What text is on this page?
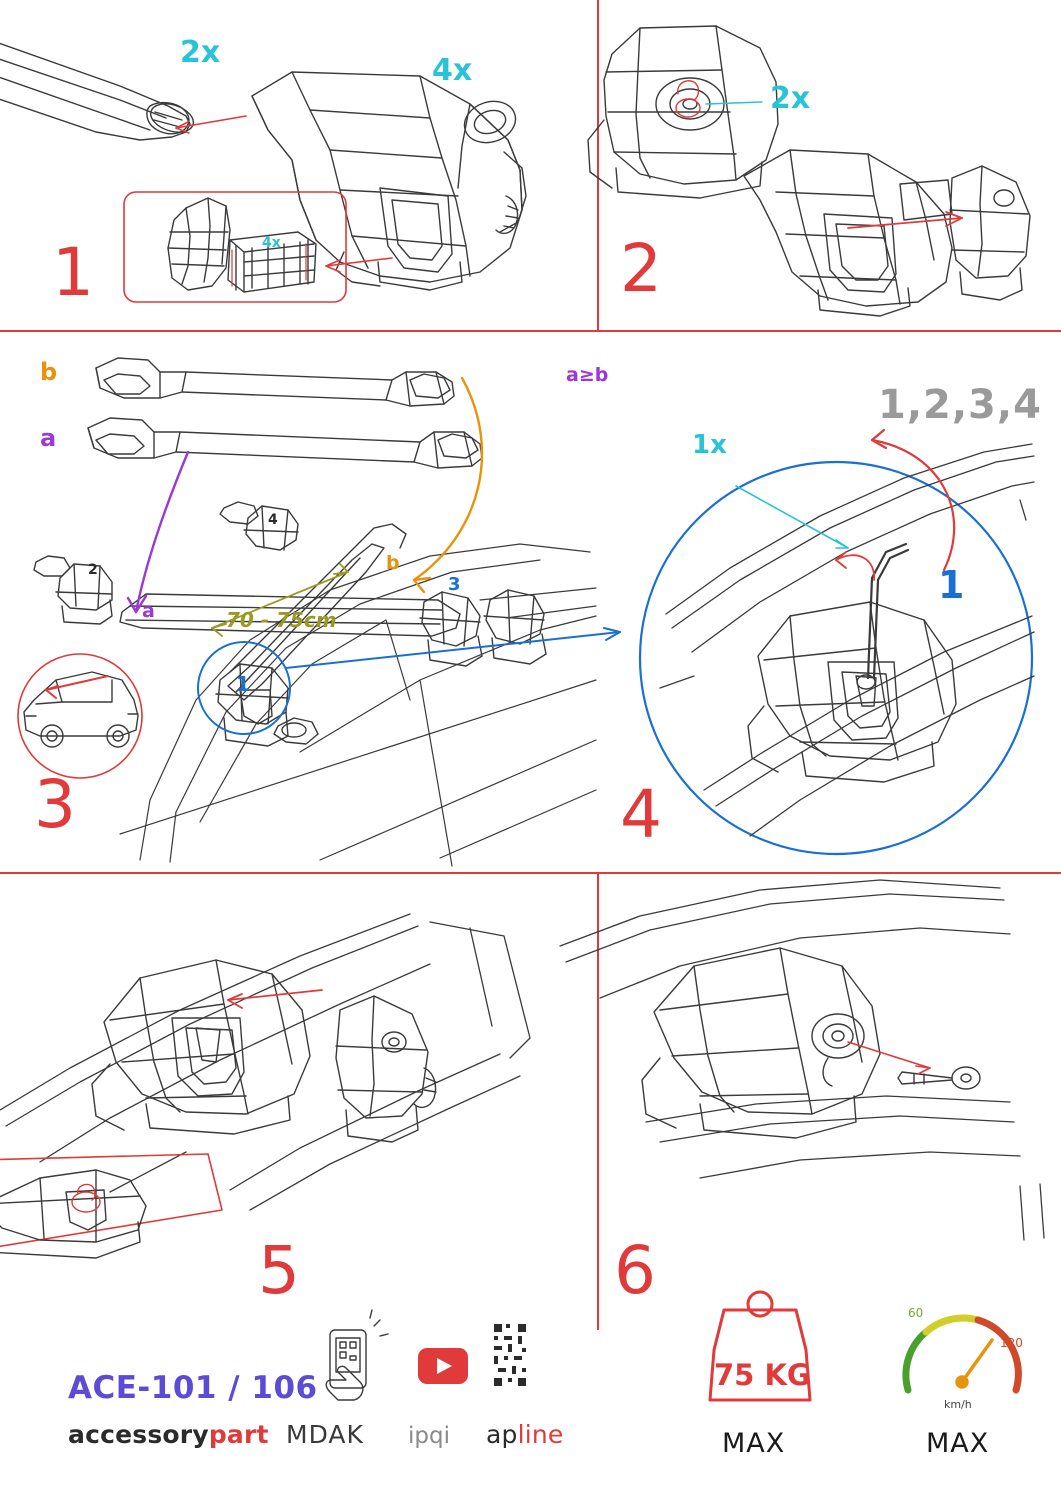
1	2
3	4
5	6
2x
4x
4x
2x
1x
b
a
a
b
70 - 75cm
1
2
3
4
a≥b
1,2,3,4
1
ACE-101 / 106
accessorypart MDAK ipqi apline
75 KG
MAX	MAX
km/h
60
120
